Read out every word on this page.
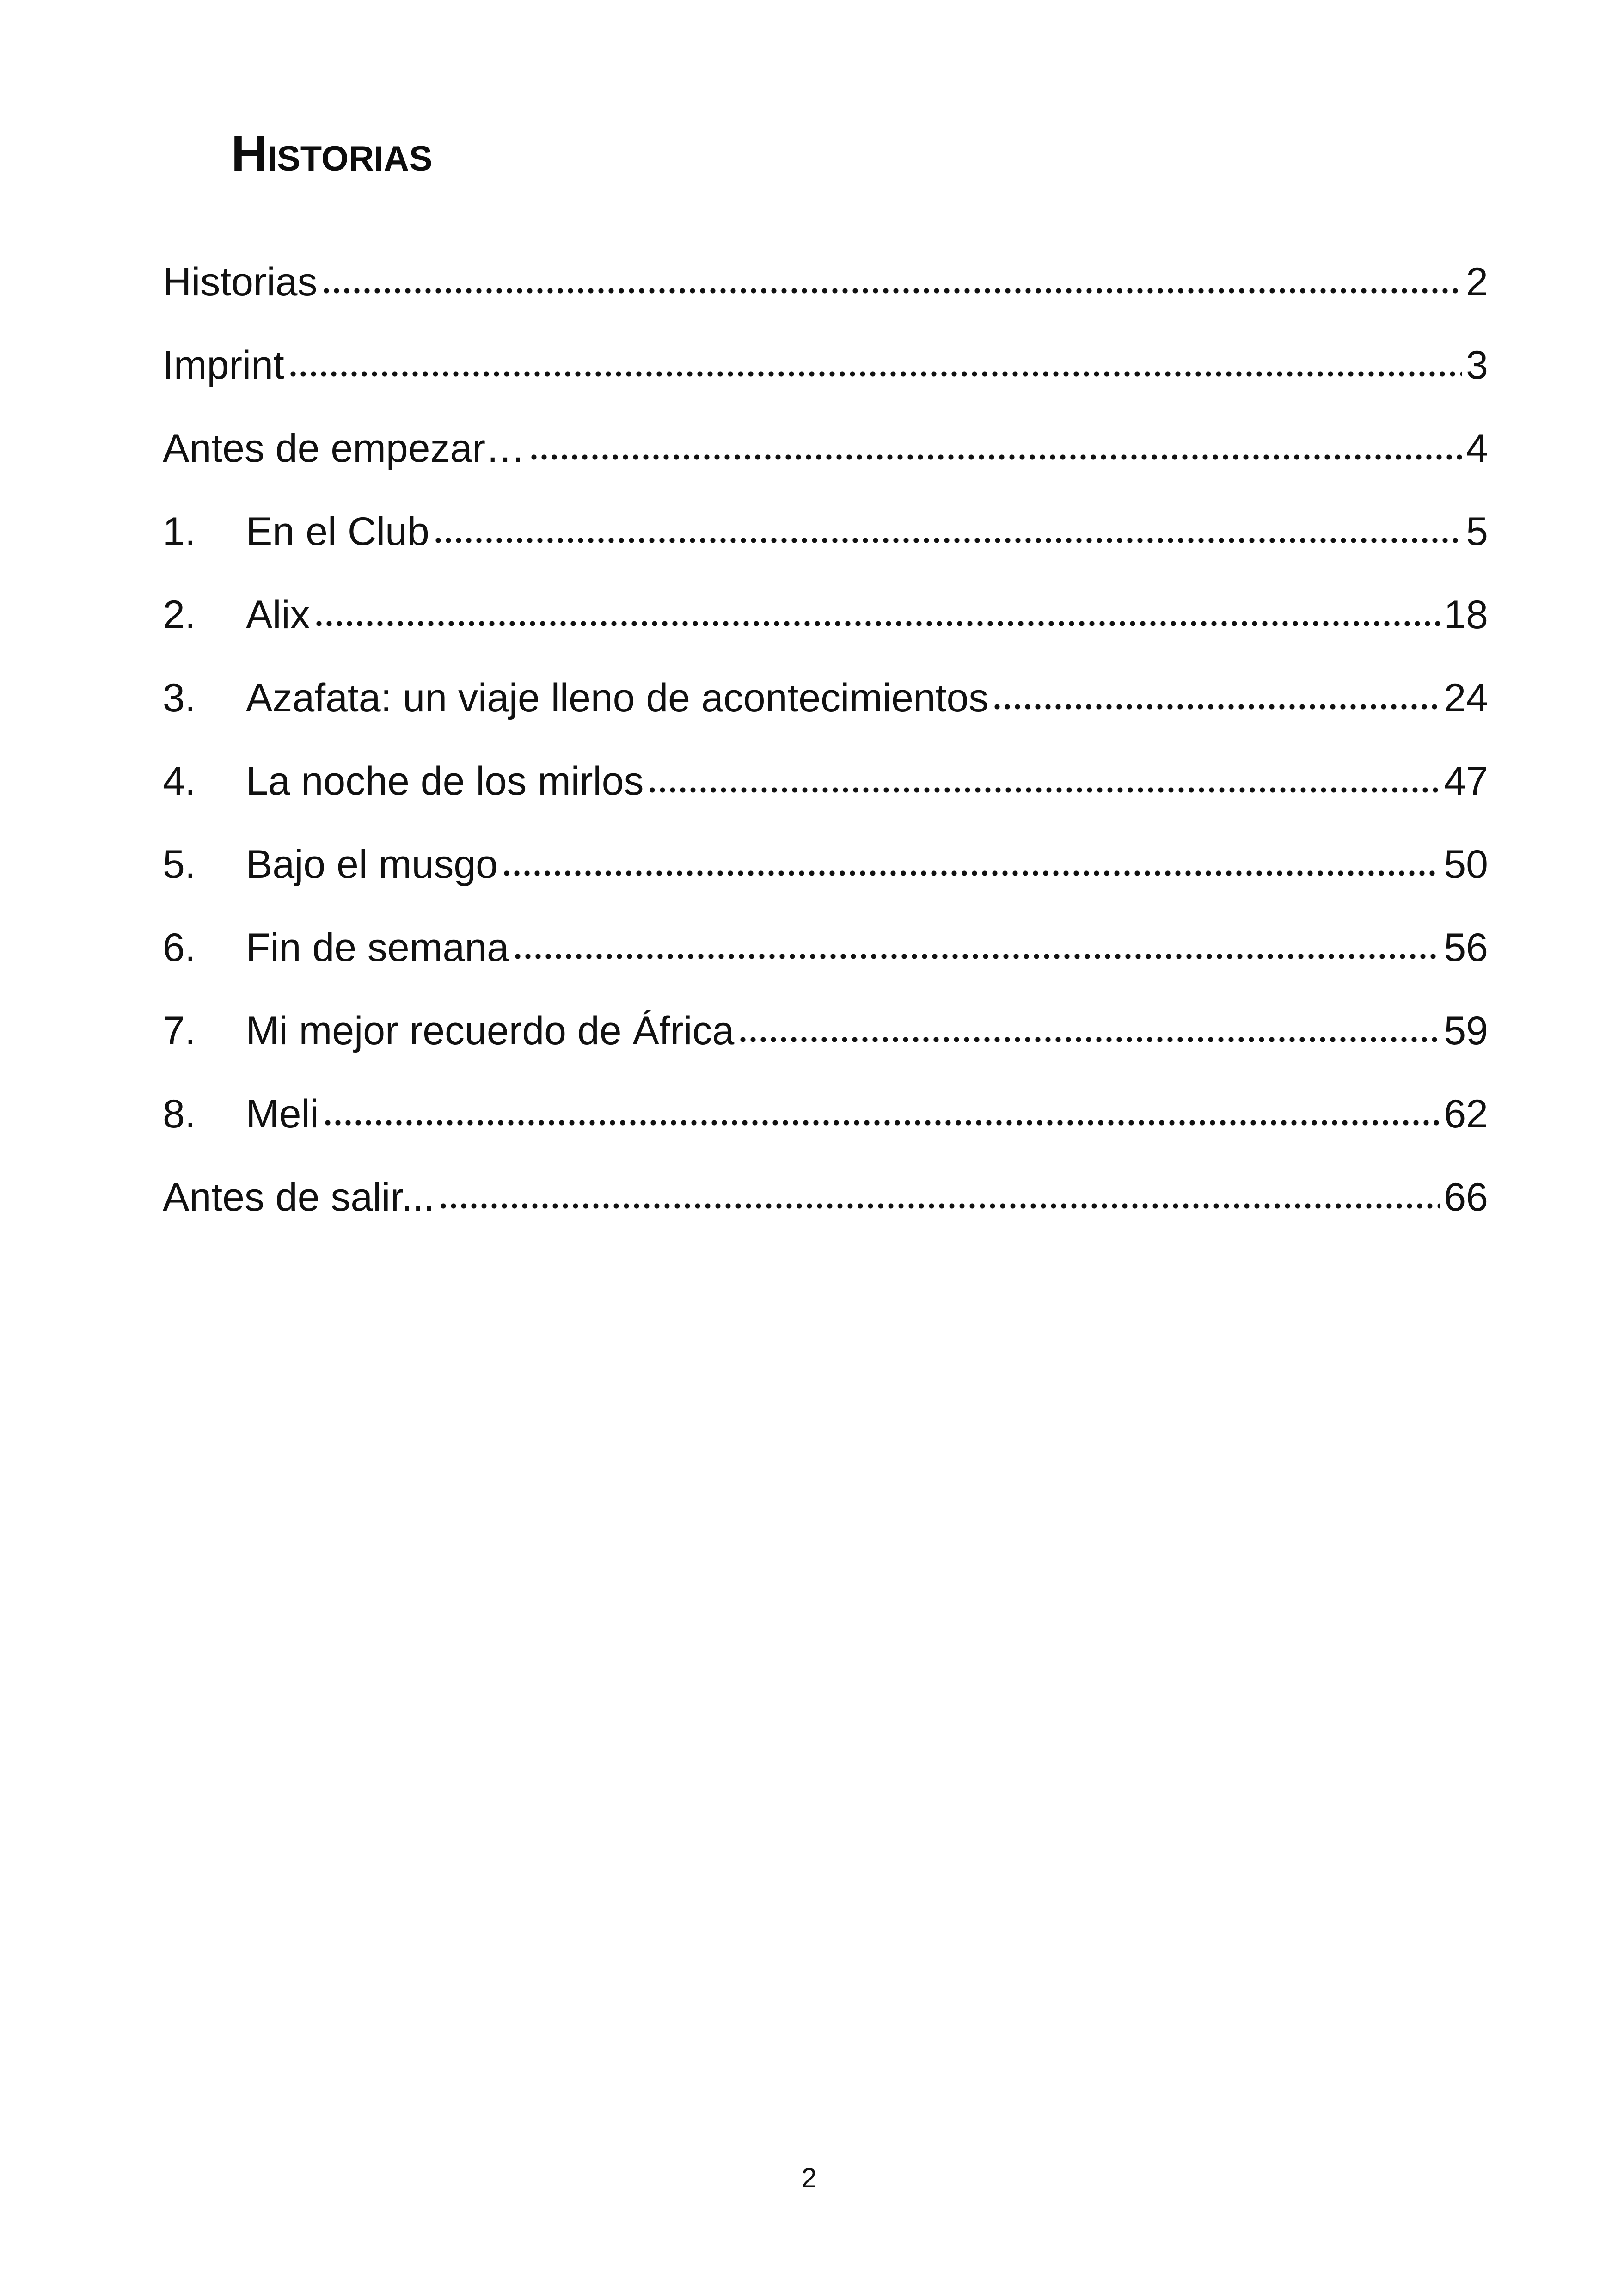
Historias
Historias	2
Imprint	3
Antes de empezar…	4
1.	En el Club	5
2.	Alix	18
3.	Azafata: un viaje lleno de acontecimientos	24
4.	La noche de los mirlos	47
5.	Bajo el musgo	50
6.	Fin de semana	56
7.	Mi mejor recuerdo de África	59
8.	Meli	62
Antes de salir...	66
2
